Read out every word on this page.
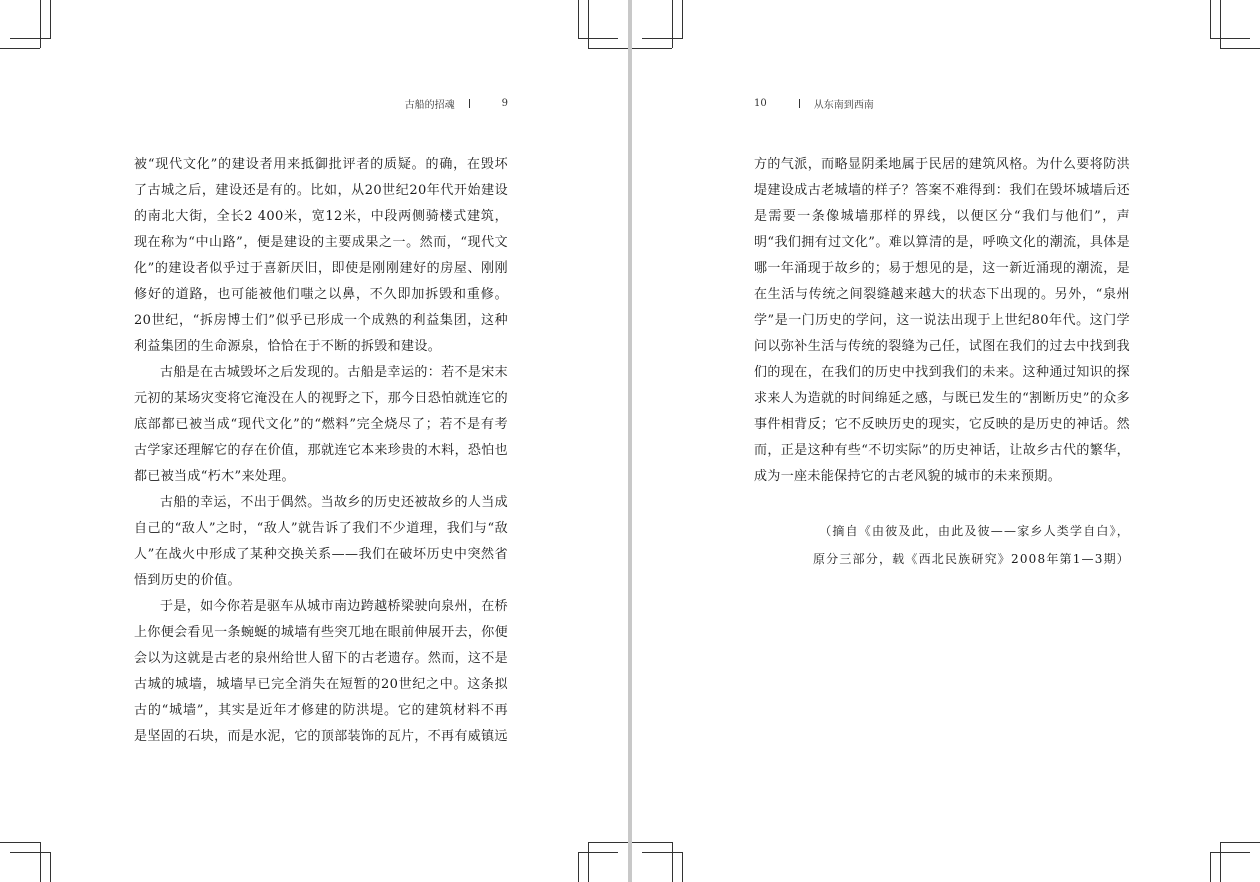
古船的招魂	9

被“现代文化”的建设者用来抵御批评者的质疑。的确，在毁坏了古城之后，建设还是有的。比如，从20世纪20年代开始建设的南北大街，全长2 400米，宽12米，中段两侧骑楼式建筑，现在称为“中山路”，便是建设的主要成果之一。然而，“现代文化”的建设者似乎过于喜新厌旧，即使是刚刚建好的房屋、刚刚修好的道路，也可能被他们嗤之以鼻，不久即加拆毁和重修。20世纪，“拆房博士们”似乎已形成一个成熟的利益集团，这种利益集团的生命源泉，恰恰在于不断的拆毁和建设。

古船是在古城毁坏之后发现的。古船是幸运的：若不是宋末元初的某场灾变将它淹没在人的视野之下，那今日恐怕就连它的底部都已被当成“现代文化”的“燃料”完全烧尽了；若不是有考古学家还理解它的存在价值，那就连它本来珍贵的木料，恐怕也都已被当成“朽木”来处理。

古船的幸运，不出于偶然。当故乡的历史还被故乡的人当成自己的“敌人”之时，“敌人”就告诉了我们不少道理，我们与“敌人”在战火中形成了某种交换关系——我们在破坏历史中突然省悟到历史的价值。

于是，如今你若是驱车从城市南边跨越桥梁驶向泉州，在桥上你便会看见一条蜿蜒的城墙有些突兀地在眼前伸展开去，你便会以为这就是古老的泉州给世人留下的古老遗存。然而，这不是古城的城墙，城墙早已完全消失在短暂的20世纪之中。这条拟古的“城墙”，其实是近年才修建的防洪堤。它的建筑材料不再是坚固的石块，而是水泥，它的顶部装饰的瓦片，不再有威镇远

10	从东南到西南

方的气派，而略显阴柔地属于民居的建筑风格。为什么要将防洪堤建设成古老城墙的样子？答案不难得到：我们在毁坏城墙后还是需要一条像城墙那样的界线，以便区分“我们与他们”，声明“我们拥有过文化”。难以算清的是，呼唤文化的潮流，具体是哪一年涌现于故乡的；易于想见的是，这一新近涌现的潮流，是在生活与传统之间裂缝越来越大的状态下出现的。另外，“泉州学”是一门历史的学问，这一说法出现于上世纪80年代。这门学问以弥补生活与传统的裂缝为己任，试图在我们的过去中找到我们的现在，在我们的历史中找到我们的未来。这种通过知识的探求来人为造就的时间绵延之感，与既已发生的“割断历史”的众多事件相背反；它不反映历史的现实，它反映的是历史的神话。然而，正是这种有些“不切实际”的历史神话，让故乡古代的繁华，成为一座未能保持它的古老风貌的城市的未来预期。

（摘自《由彼及此，由此及彼——家乡人类学自白》，
原分三部分，载《西北民族研究》2008年第1—3期）
